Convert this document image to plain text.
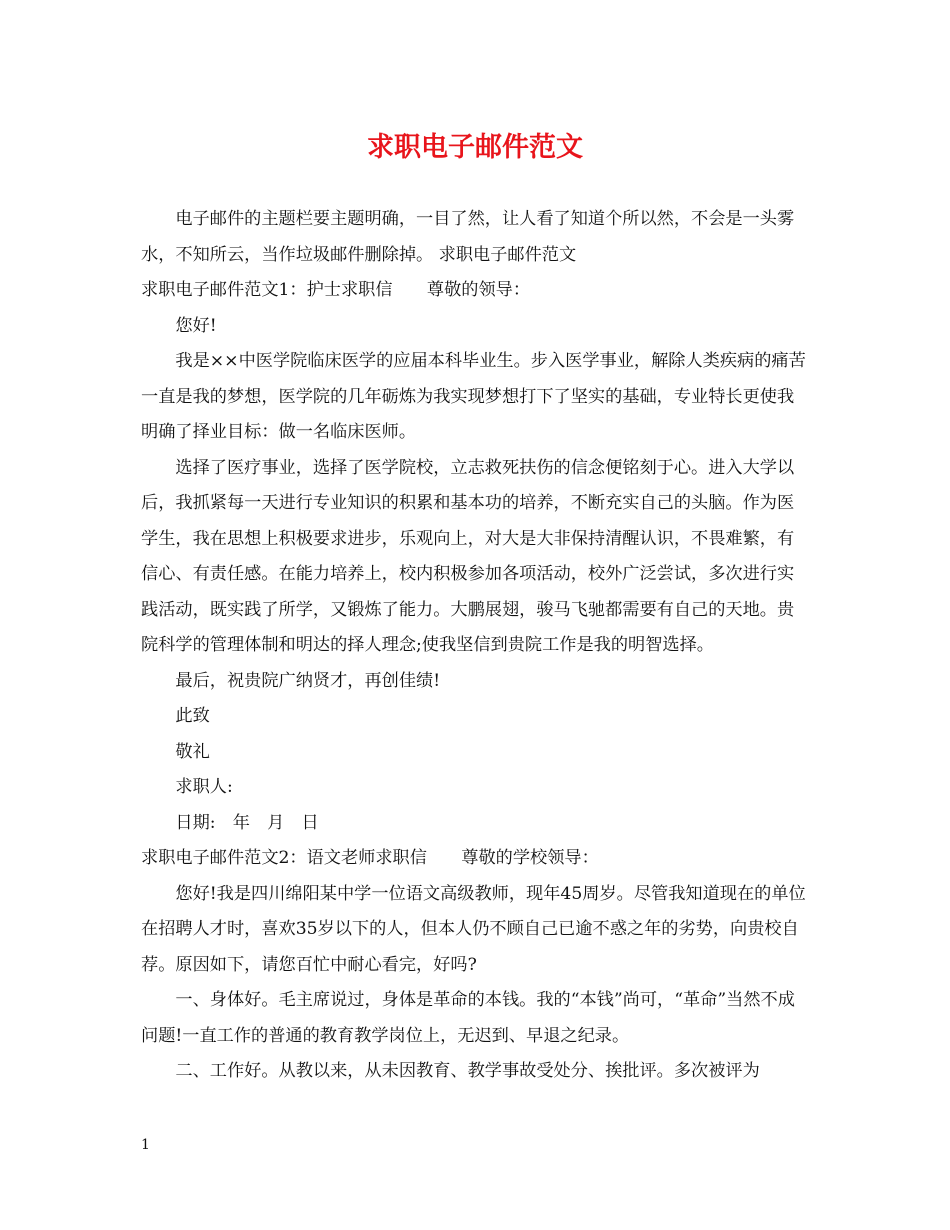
求职电子邮件范文

电子邮件的主题栏要主题明确，一目了然，让人看了知道个所以然，不会是一头雾水，不知所云，当作垃圾邮件删除掉。 求职电子邮件范文

求职电子邮件范文1：护士求职信　　尊敬的领导：

您好!

我是××中医学院临床医学的应届本科毕业生。步入医学事业，解除人类疾病的痛苦一直是我的梦想，医学院的几年砺炼为我实现梦想打下了坚实的基础，专业特长更使我明确了择业目标：做一名临床医师。

选择了医疗事业，选择了医学院校，立志救死扶伤的信念便铭刻于心。进入大学以后，我抓紧每一天进行专业知识的积累和基本功的培养，不断充实自己的头脑。作为医学生，我在思想上积极要求进步，乐观向上，对大是大非保持清醒认识，不畏难繁，有信心、有责任感。在能力培养上，校内积极参加各项活动，校外广泛尝试，多次进行实践活动，既实践了所学，又锻炼了能力。大鹏展翅，骏马飞驰都需要有自己的天地。贵院科学的管理体制和明达的择人理念;使我坚信到贵院工作是我的明智选择。

最后，祝贵院广纳贤才，再创佳绩!

此致

敬礼

求职人:

日期:　年　月　日

求职电子邮件范文2：语文老师求职信　　尊敬的学校领导：

您好!我是四川绵阳某中学一位语文高级教师，现年45周岁。尽管我知道现在的单位在招聘人才时，喜欢35岁以下的人，但本人仍不顾自己已逾不惑之年的劣势，向贵校自荐。原因如下，请您百忙中耐心看完，好吗?

一、身体好。毛主席说过，身体是革命的本钱。我的“本钱”尚可，“革命”当然不成问题!一直工作的普通的教育教学岗位上，无迟到、早退之纪录。

二、工作好。从教以来，从未因教育、教学事故受处分、挨批评。多次被评为

1
